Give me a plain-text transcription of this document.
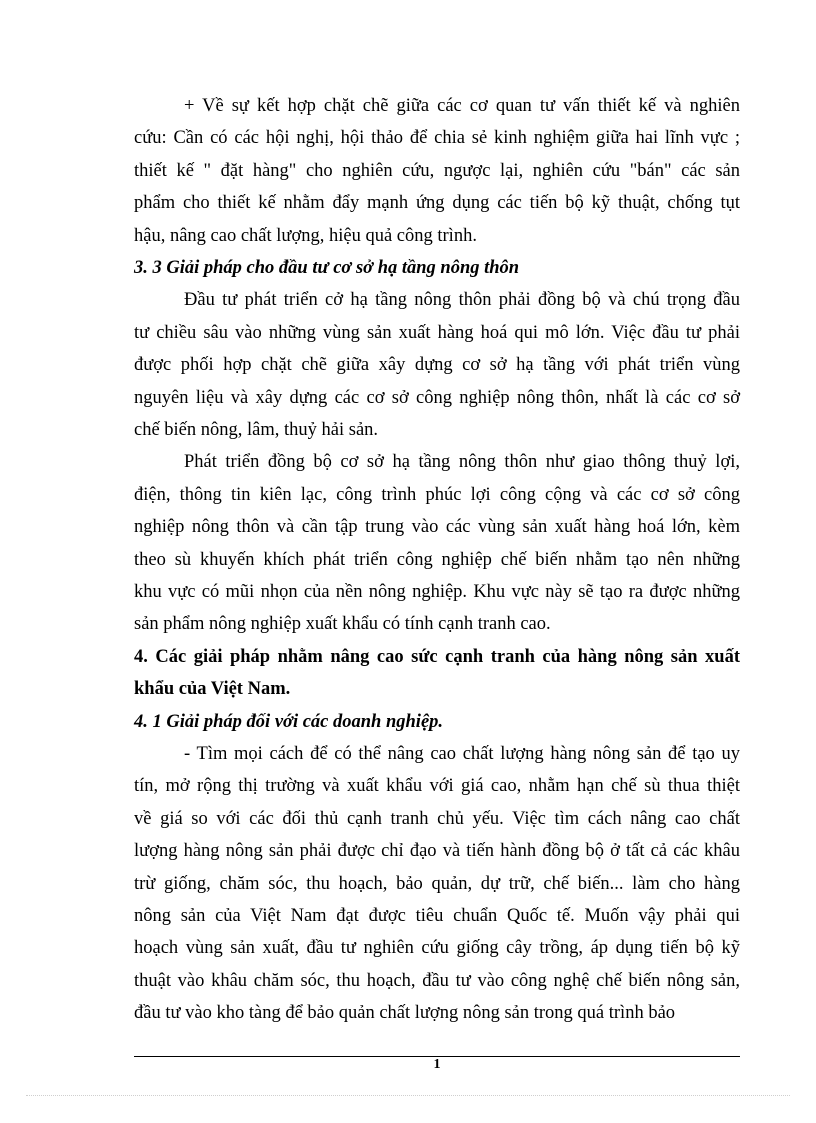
+ Về sự kết hợp chặt chẽ giữa các cơ quan tư vấn thiết kế và nghiên
cứu: Cần có các hội nghị, hội thảo để chia sẻ kinh nghiệm giữa hai lĩnh vực ;
thiết kế " đặt hàng" cho nghiên cứu, ngược lại, nghiên cứu "bán" các sản
phẩm cho thiết kế nhằm đẩy mạnh ứng dụng các tiến bộ kỹ thuật, chống tụt
hậu, nâng cao chất lượng, hiệu quả công trình.
3. 3 Giải pháp cho đầu tư cơ sở hạ tầng nông thôn
Đầu tư phát triển cở hạ tầng nông thôn phải đồng bộ và chú trọng đầu
tư chiều sâu vào những vùng sản xuất hàng hoá qui mô lớn. Việc đầu tư phải
được phối hợp chặt chẽ giữa xây dựng cơ sở hạ tầng với phát triển vùng
nguyên liệu và xây dựng các cơ sở công nghiệp nông thôn, nhất là các cơ sở
chế biến nông, lâm, thuỷ hải sản.
Phát triển đồng bộ cơ sở hạ tầng nông thôn như giao thông thuỷ lợi,
điện, thông tin kiên lạc, công trình phúc lợi công cộng và các cơ sở công
nghiệp nông thôn và cần tập trung vào các vùng sản xuất hàng hoá lớn, kèm
theo sù khuyến khích phát triển công nghiệp chế biến nhằm tạo nên những
khu vực có mũi nhọn của nền nông nghiệp. Khu vực này sẽ tạo ra được những
sản phẩm nông nghiệp xuất khẩu có tính cạnh tranh cao.
4. Các giải pháp nhằm nâng cao sức cạnh tranh của hàng nông sản xuất
khẩu của Việt Nam.
4. 1 Giải pháp đối với các doanh nghiệp.
- Tìm mọi cách để có thể nâng cao chất lượng hàng nông sản để tạo uy
tín, mở rộng thị trường và xuất khẩu với giá cao, nhằm hạn chế sù thua thiệt
về giá so với các đối thủ cạnh tranh chủ yếu. Việc tìm cách nâng cao chất
lượng hàng nông sản phải được chỉ đạo và tiến hành đồng bộ ở tất cả các khâu
trừ giống, chăm sóc, thu hoạch, bảo quản, dự trữ, chế biến... làm cho hàng
nông sản của Việt Nam đạt được tiêu chuẩn Quốc tế. Muốn vậy phải qui
hoạch vùng sản xuất, đầu tư nghiên cứu giống cây trồng, áp dụng tiến bộ kỹ
thuật vào khâu chăm sóc, thu hoạch, đầu tư vào công nghệ chế biến nông sản,
đầu tư vào kho tàng để bảo quản chất lượng nông sản trong quá trình bảo
1
